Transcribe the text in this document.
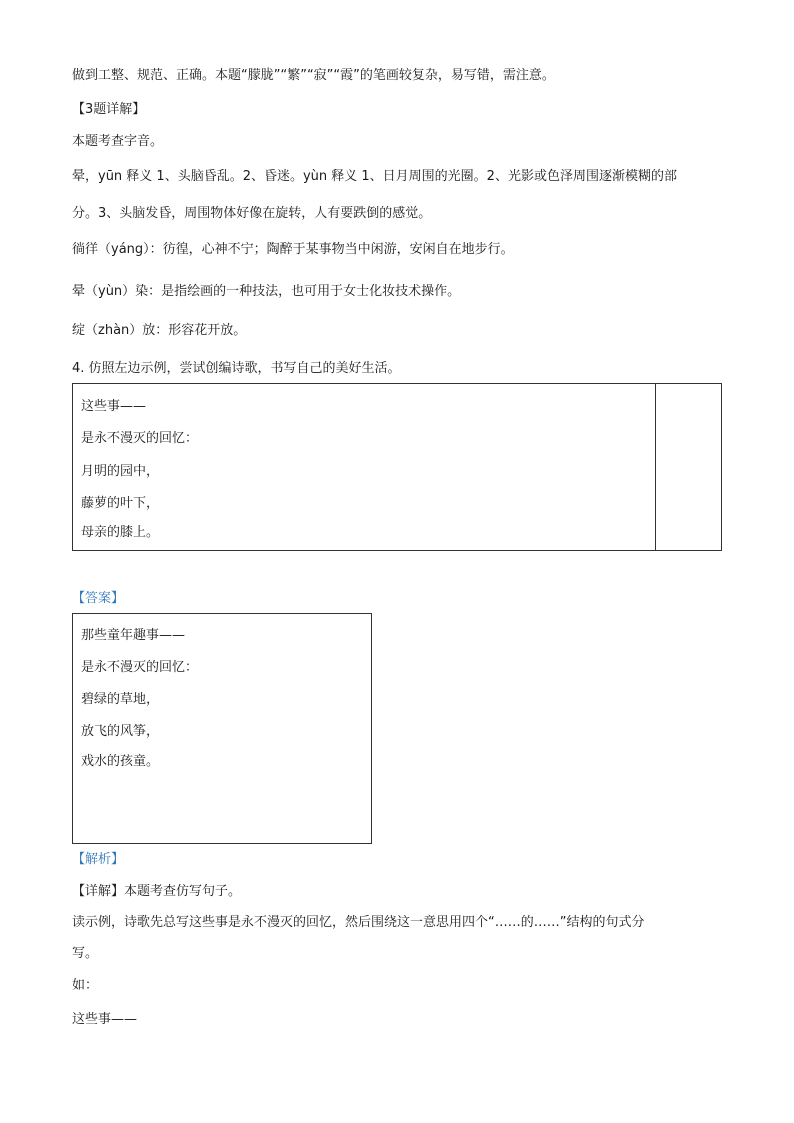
做到工整、规范、正确。本题“朦胧”“繁”“寂”“霞”的笔画较复杂，易写错，需注意。
【3题详解】
本题考查字音。
晕，yūn 释义 1、头脑昏乱。2、昏迷。yùn 释义 1、日月周围的光圈。2、光影或色泽周围逐渐模糊的部
分。3、头脑发昏，周围物体好像在旋转，人有要跌倒的感觉。
徜徉（yáng）：彷徨，心神不宁；陶醉于某事物当中闲游，安闲自在地步行。
晕（yùn）染：是指绘画的一种技法，也可用于女士化妆技术操作。
绽（zhàn）放：形容花开放。
4. 仿照左边示例，尝试创编诗歌，书写自己的美好生活。
这些事——
是永不漫灭的回忆：
月明的园中，
藤萝的叶下，
母亲的膝上。
【答案】
那些童年趣事——
是永不漫灭的回忆：
碧绿的草地，
放飞的风筝，
戏水的孩童。
【解析】
【详解】本题考查仿写句子。
读示例，诗歌先总写这些事是永不漫灭的回忆，然后围绕这一意思用四个“……的……”结构的句式分
写。
如：
这些事——
